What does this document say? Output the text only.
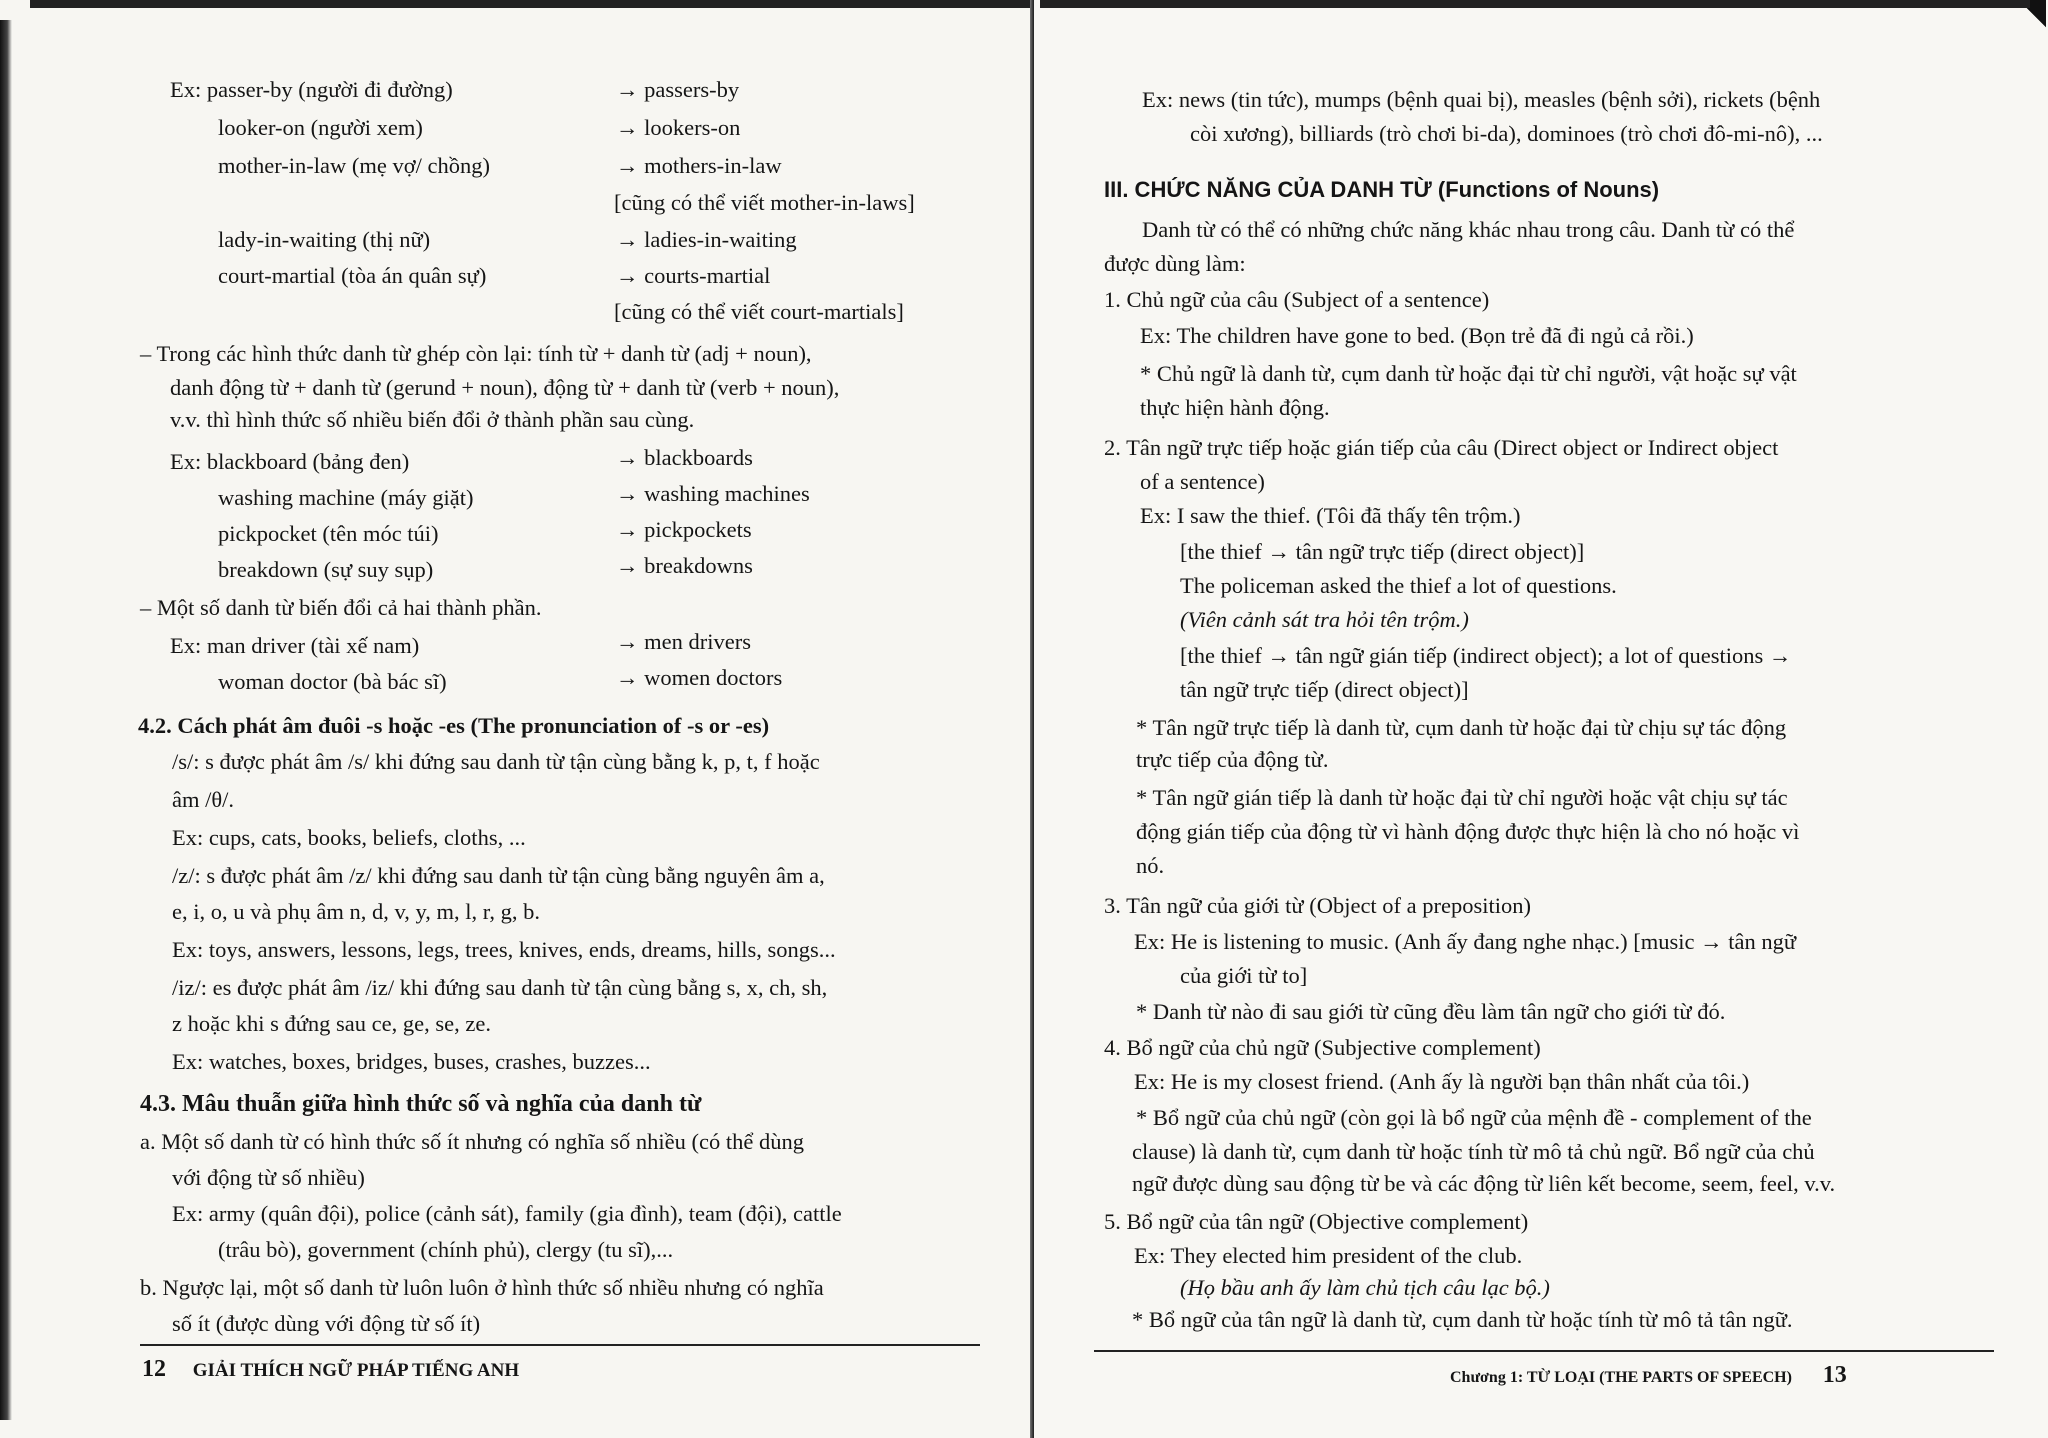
Ex: passer-by (người đi đường)
looker-on (người xem)
mother-in-law (mẹ vợ/ chồng)
lady-in-waiting (thị nữ)
court-martial (tòa án quân sự)
→ passers-by
→ lookers-on
→ mothers-in-law
[cũng có thể viết mother-in-laws]
→ ladies-in-waiting
→ courts-martial
[cũng có thể viết court-martials]
– Trong các hình thức danh từ ghép còn lại: tính từ + danh từ (adj + noun),
danh động từ + danh từ (gerund + noun), động từ + danh từ (verb + noun),
v.v. thì hình thức số nhiều biến đổi ở thành phần sau cùng.
Ex: blackboard (bảng đen)
washing machine (máy giặt)
pickpocket (tên móc túi)
breakdown (sự suy sụp)
→ blackboards
→ washing machines
→ pickpockets
→ breakdowns
– Một số danh từ biến đổi cả hai thành phần.
Ex: man driver (tài xế nam)
woman doctor (bà bác sĩ)
→ men drivers
→ women doctors
4.2. Cách phát âm đuôi -s hoặc -es (The pronunciation of -s or -es)
/s/: s được phát âm /s/ khi đứng sau danh từ tận cùng bằng k, p, t, f hoặc
âm /θ/.
Ex: cups, cats, books, beliefs, cloths, ...
/z/: s được phát âm /z/ khi đứng sau danh từ tận cùng bằng nguyên âm a,
e, i, o, u và phụ âm n, d, v, y, m, l, r, g, b.
Ex: toys, answers, lessons, legs, trees, knives, ends, dreams, hills, songs...
/iz/: es được phát âm /iz/ khi đứng sau danh từ tận cùng bằng s, x, ch, sh,
z hoặc khi s đứng sau ce, ge, se, ze.
Ex: watches, boxes, bridges, buses, crashes, buzzes...
4.3. Mâu thuẫn giữa hình thức số và nghĩa của danh từ
a. Một số danh từ có hình thức số ít nhưng có nghĩa số nhiều (có thể dùng
với động từ số nhiều)
Ex: army (quân đội), police (cảnh sát), family (gia đình), team (đội), cattle
(trâu bò), government (chính phủ), clergy (tu sĩ),...
b. Ngược lại, một số danh từ luôn luôn ở hình thức số nhiều nhưng có nghĩa
số ít (được dùng với động từ số ít)
12 GIẢI THÍCH NGỮ PHÁP TIẾNG ANH
Ex: news (tin tức), mumps (bệnh quai bị), measles (bệnh sởi), rickets (bệnh
còi xương), billiards (trò chơi bi-da), dominoes (trò chơi đô-mi-nô), ...
III. CHỨC NĂNG CỦA DANH TỪ (Functions of Nouns)
Danh từ có thể có những chức năng khác nhau trong câu. Danh từ có thể
được dùng làm:
1. Chủ ngữ của câu (Subject of a sentence)
Ex: The children have gone to bed. (Bọn trẻ đã đi ngủ cả rồi.)
* Chủ ngữ là danh từ, cụm danh từ hoặc đại từ chỉ người, vật hoặc sự vật
thực hiện hành động.
2. Tân ngữ trực tiếp hoặc gián tiếp của câu (Direct object or Indirect object
of a sentence)
Ex: I saw the thief. (Tôi đã thấy tên trộm.)
[the thief → tân ngữ trực tiếp (direct object)]
The policeman asked the thief a lot of questions.
(Viên cảnh sát tra hỏi tên trộm.)
[the thief → tân ngữ gián tiếp (indirect object); a lot of questions →
tân ngữ trực tiếp (direct object)]
* Tân ngữ trực tiếp là danh từ, cụm danh từ hoặc đại từ chịu sự tác động
trực tiếp của động từ.
* Tân ngữ gián tiếp là danh từ hoặc đại từ chỉ người hoặc vật chịu sự tác
động gián tiếp của động từ vì hành động được thực hiện là cho nó hoặc vì
nó.
3. Tân ngữ của giới từ (Object of a preposition)
Ex: He is listening to music. (Anh ấy đang nghe nhạc.) [music → tân ngữ
của giới từ to]
* Danh từ nào đi sau giới từ cũng đều làm tân ngữ cho giới từ đó.
4. Bổ ngữ của chủ ngữ (Subjective complement)
Ex: He is my closest friend. (Anh ấy là người bạn thân nhất của tôi.)
* Bổ ngữ của chủ ngữ (còn gọi là bổ ngữ của mệnh đề - complement of the
clause) là danh từ, cụm danh từ hoặc tính từ mô tả chủ ngữ. Bổ ngữ của chủ
ngữ được dùng sau động từ be và các động từ liên kết become, seem, feel, v.v.
5. Bổ ngữ của tân ngữ (Objective complement)
Ex: They elected him president of the club.
(Họ bầu anh ấy làm chủ tịch câu lạc bộ.)
* Bổ ngữ của tân ngữ là danh từ, cụm danh từ hoặc tính từ mô tả tân ngữ.
Chương 1: TỪ LOẠI (THE PARTS OF SPEECH) 13
